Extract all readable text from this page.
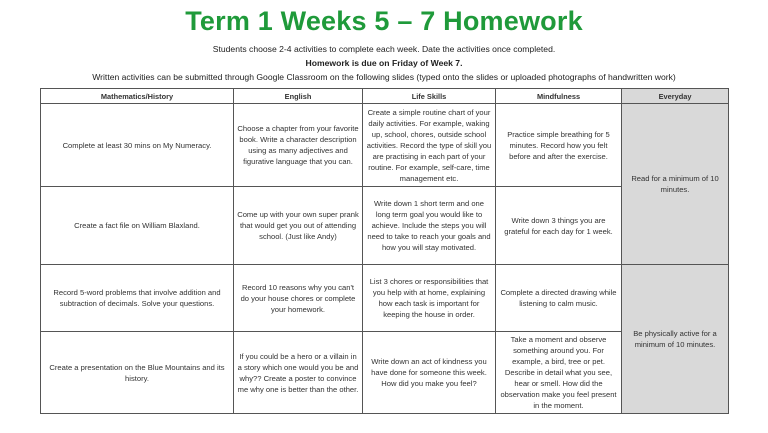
Term 1 Weeks 5 – 7 Homework
Students choose 2-4 activities to complete each week. Date the activities once completed.
Homework is due on Friday of Week 7.
Written activities can be submitted through Google Classroom on the following slides (typed onto the slides or uploaded photographs of handwritten work)
Mathematics/History	English	Life Skills	Mindfulness	Everyday
Complete at least 30 mins on My Numeracy.	Choose a chapter from your favorite book. Write a character description using as many adjectives and figurative language that you can.	Create a simple routine chart of your daily activities. For example, waking up, school, chores, outside school activities. Record the type of skill you are practising in each part of your routine. For example, self-care, time management etc.	Practice simple breathing for 5 minutes. Record how you felt before and after the exercise.	Read for a minimum of 10 minutes.
Create a fact file on William Blaxland.	Come up with your own super prank that would get you out of attending school. (Just like Andy)	Write down 1 short term and one long term goal you would like to achieve. Include the steps you will need to take to reach your goals and how you will stay motivated.	Write down 3 things you are grateful for each day for 1 week.	
Record 5-word problems that involve addition and subtraction of decimals. Solve your questions.	Record 10 reasons why you can't do your house chores or complete your homework.	List 3 chores or responsibilities that you help with at home, explaining how each task is important for keeping the house in order.	Complete a directed drawing while listening to calm music.	Be physically active for a minimum of 10 minutes.
Create a presentation on the Blue Mountains and its history.	If you could be a hero or a villain in a story which one would you be and why?? Create a poster to convince me why one is better than the other.	Write down an act of kindness you have done for someone this week. How did you make you feel?	Take a moment and observe something around you. For example, a bird, tree or pet. Describe in detail what you see, hear or smell. How did the observation make you feel present in the moment.	
